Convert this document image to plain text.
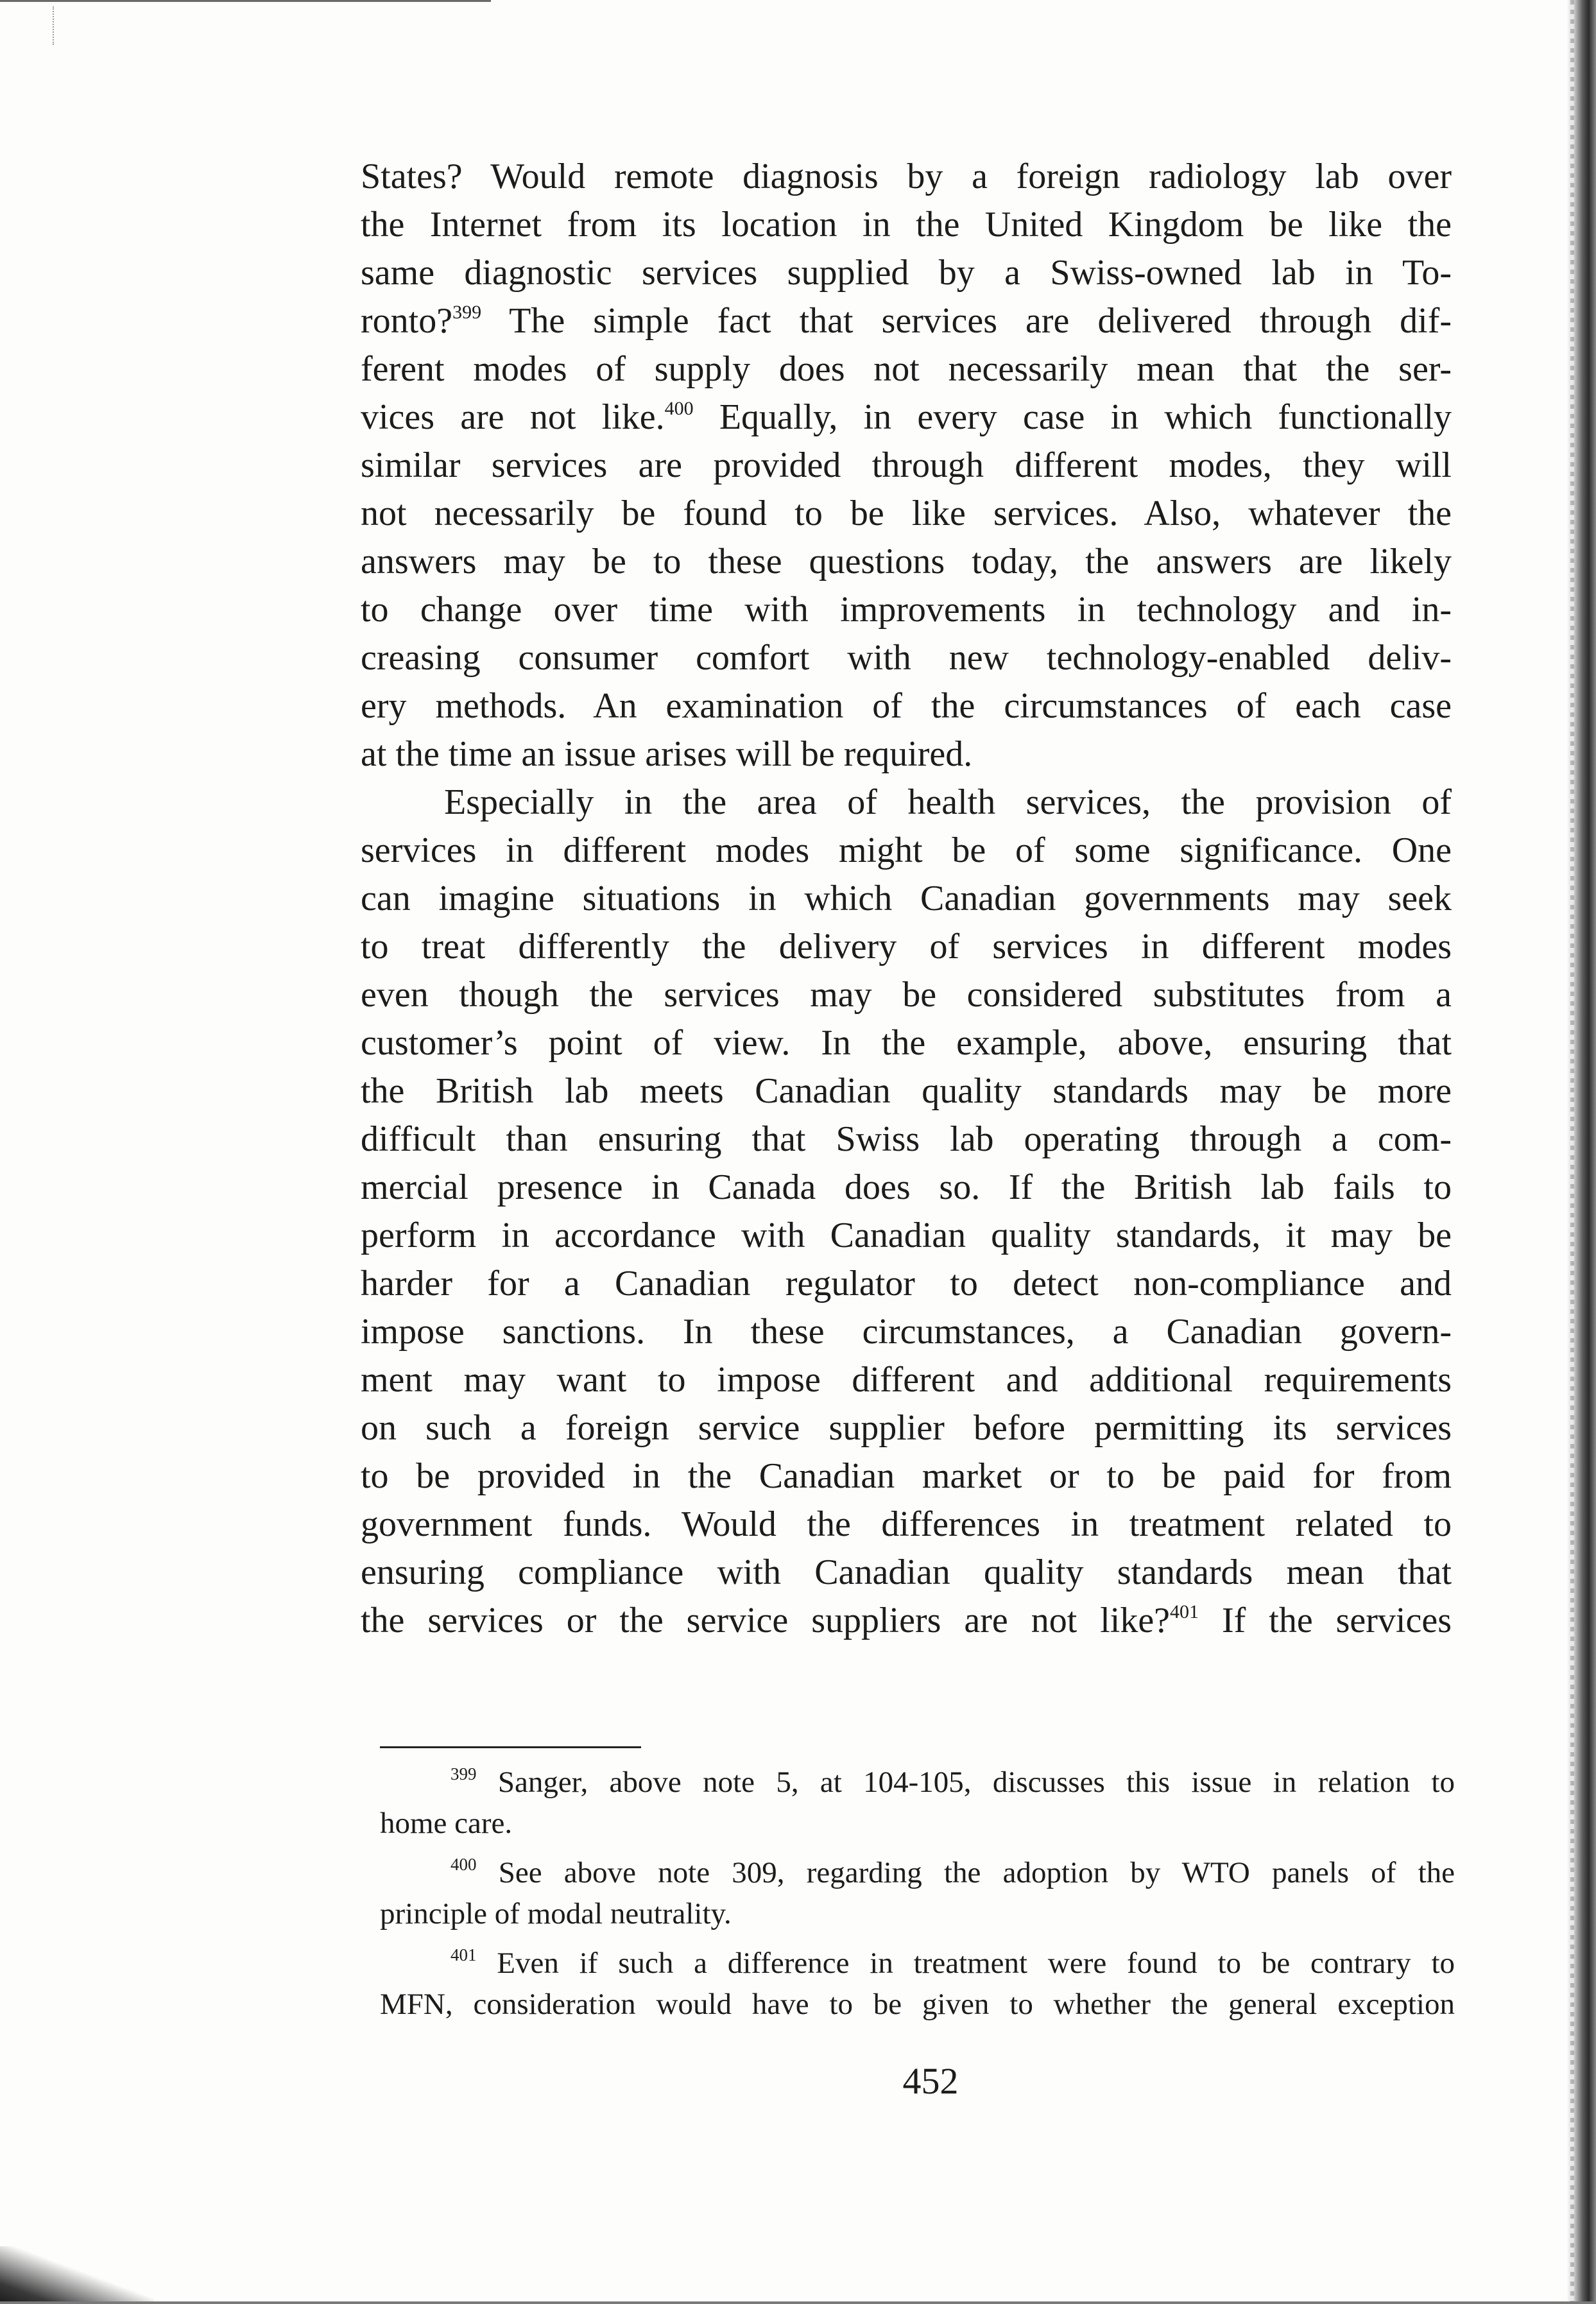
States? Would remote diagnosis by a foreign radiology lab over
the Internet from its location in the United Kingdom be like the
same diagnostic services supplied by a Swiss-owned lab in To-
ronto?$^{399}$ The simple fact that services are delivered through dif-
ferent modes of supply does not necessarily mean that the ser-
vices are not like.$^{400}$ Equally, in every case in which functionally
similar services are provided through different modes, they will
not necessarily be found to be like services. Also, whatever the
answers may be to these questions today, the answers are likely
to change over time with improvements in technology and in-
creasing consumer comfort with new technology-enabled deliv-
ery methods. An examination of the circumstances of each case
at the time an issue arises will be required.
Especially in the area of health services, the provision of
services in different modes might be of some significance. One
can imagine situations in which Canadian governments may seek
to treat differently the delivery of services in different modes
even though the services may be considered substitutes from a
customer’s point of view. In the example, above, ensuring that
the British lab meets Canadian quality standards may be more
difficult than ensuring that Swiss lab operating through a com-
mercial presence in Canada does so. If the British lab fails to
perform in accordance with Canadian quality standards, it may be
harder for a Canadian regulator to detect non-compliance and
impose sanctions. In these circumstances, a Canadian govern-
ment may want to impose different and additional requirements
on such a foreign service supplier before permitting its services
to be provided in the Canadian market or to be paid for from
government funds. Would the differences in treatment related to
ensuring compliance with Canadian quality standards mean that
the services or the service suppliers are not like?$^{401}$ If the services
$^{399}$ Sanger, above note 5, at 104-105, discusses this issue in relation to
home care.
$^{400}$ See above note 309, regarding the adoption by WTO panels of the
principle of modal neutrality.
$^{401}$ Even if such a difference in treatment were found to be contrary to
MFN, consideration would have to be given to whether the general exception
452
